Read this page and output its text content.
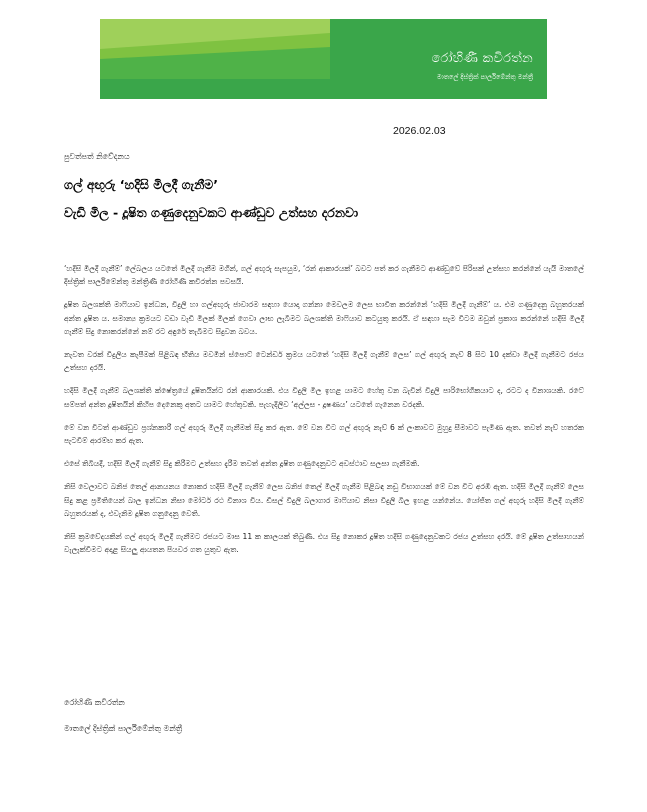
රෝහිණී කවිරත්න
මාතලේ දිස්ත්‍රික් පාර්ලිමේන්තු මන්ත්‍රී
2026.02.03
පුවත්පත් නිවේදනය
ගල් අඟුරු ‘හදිසි මිලදී ගැනීම’
වැඩි මිල - දූෂිත ගණුදෙනුවකට ආණ්ඩුව උත්සහ දරනවා

‘හදිසි මිලදී ගැනීම්’ ලේබලය යටතේ මිලදී ගැනීම මගින්, ගල් අඟුරු සැපයුම, ‘රන් ආකාරයක්’ බවට පත් කර ගැනීමට ආණ්ඩුවේ පිරිසක් උත්සහ කරන්නේ යැයි මාතලේ දිස්ත්‍රික් පාර්ලිමේන්තු මන්ත්‍රිණී රෝහිණී කවිරත්න පවසයි.

දූෂිත බලශක්ති මාෆියාව ඉන්ධන, විදුලි හා ගල්අඟුරු ජාවාරම සඳහා යොදා ගන්නා මෙවලම ලෙස භාවිත කරන්නේ ‘හදිසි මිලදී ගැනීම්’ ය. එම ගණුදෙනු බහුතරයක් අන්ත දූෂිත ය. සමාන්‍ය ක්‍රමයට වඩා වැඩි මිලක් මිලක් ගෙවා ලාභ ලැබීමට බලශක්ති මාෆියාව කටයුතු කරයි. ඒ සඳහා සැම විටම ඔවුන් ප්‍රකාශ කරන්නේ හදිසි මිලදී ගැනීම් සිදු නොකරන්නේ නම් රට අඳුරේ තැබීමට සිදුවන බවය.

නැවත වරක් විදුලිය කැපීමක් පිළිබඳ භීතිය මවමින් ස්පොට් ටෙන්ඩර් ක්‍රමය යටතේ ‘හදිසි මිලදී ගැනීම් ලෙස’ ගල් අඟුරු නැව් 8 සිට 10 දක්වා මිලදී ගැනීමට රජය උත්සහ දරයි.

හදිසි මිලදී ගැනීම් බලශක්ති ක්ෂේත්‍රයේ දූෂිතයින්ට රන් ආකාරයකි. එය විදුලි මිල ඉහළ යාමට හේතු වන බැවින් විදුලි පාරිභෝගිකයාට ද, රටට ද විනාශයකි. රටේ සම්පත් අන්ත දූෂිතයින් කිහිප දෙනෙකු අතට යාමට හේතුවකි. පැහැදිලිව ‘අල්ලස - දූෂණය’ යටතේ ගැනෙන වරදකි.

මේ වන විටත් ආණ්ඩුව ප්‍රශ්නකාරී ගල් අඟුරු මිලදී ගැනීමක් සිදු කර ඇත. මේ වන විට ගල් අඟුරු නැව් 6 ක් ලංකාවට මුහුදු සීමාවට පැමිණ ඇත. තවත් නැව් හතරක පැටවීම් ආරම්භ කර ඇත.

එසේ තිබියදී, හදිසි මිලදී ගැනීම් සිදු කිරීමට උත්සහ දැරීම තවත් අන්ත දූෂිත ගණුදෙනුවට අවස්ථාව සලසා ගැනීමකි.

නිසි වෙලාවට බනිජ තෙල් ආනයනය නොකර හදිසි මිලදී ගැනීම් ලෙස බනිජ තෙල් මිලදී ගැනීම පිළිබඳ නඩු විභාගයක් මේ වන විට අරඹී ඇත. හදිසි මිලදී ගැනීම් ලෙස සිදු කළ ප්‍රමිතියෙන් බාල ඉන්ධන නිසා මෝටර් රථ විනාශ විය. ඩීසල් විදුලි බලාගාර මාෆියාව නිසා විදුලි බිල ඉහළ යන්නේය. යෝජිත ගල් අඟුරු හදිසි මිලදී ගැනීම් බහුතරයක් ද, එවැනිම දූෂිත ගනුදෙනු වෙති.

නිසි ක්‍රමවේදයකින් ගල් අඟුරු මිලදී ගැනීමට රජයට මාස 11 ක කාලයක් තිබුණි. එය සිදු නොකර දූෂිත හදිසි ගණුදෙනුවකට රජය උත්සහ දරයි. මේ දූෂිත උත්සාහයන් වැලැක්වීමට අදාළ සියලු ආයතන පියවර ගත යුතුව ඇත.

රෝහිණී කවිරත්න
මාතලේ දිස්ත්‍රික් පාර්ලිමේන්තු මන්ත්‍රී
